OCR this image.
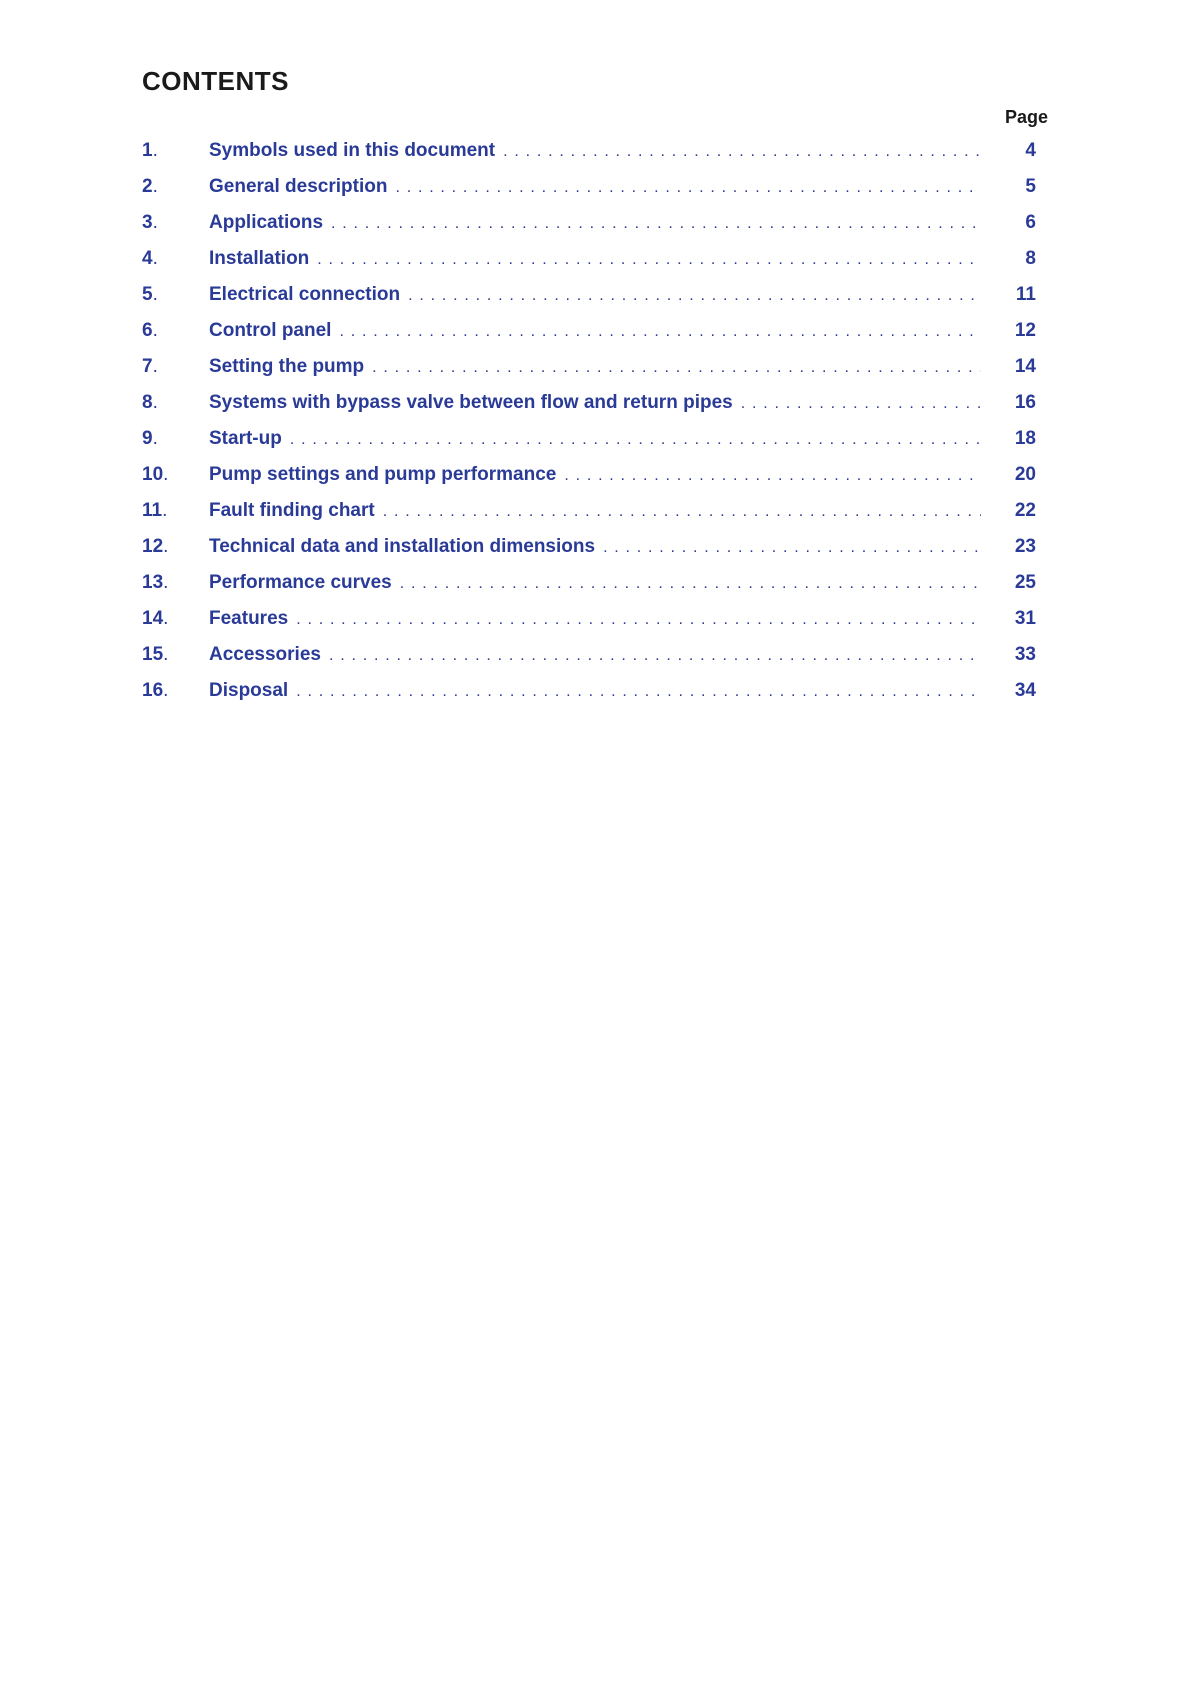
CONTENTS
Page
1.	Symbols used in this document .....	4
2.	General description .....	5
3.	Applications .....	6
4.	Installation .....	8
5.	Electrical connection .....	11
6.	Control panel .....	12
7.	Setting the pump .....	14
8.	Systems with bypass valve between flow and return pipes .....	16
9.	Start-up .....	18
10.	Pump settings and pump performance .....	20
11.	Fault finding chart .....	22
12.	Technical data and installation dimensions .....	23
13.	Performance curves .....	25
14.	Features .....	31
15.	Accessories .....	33
16.	Disposal .....	34
